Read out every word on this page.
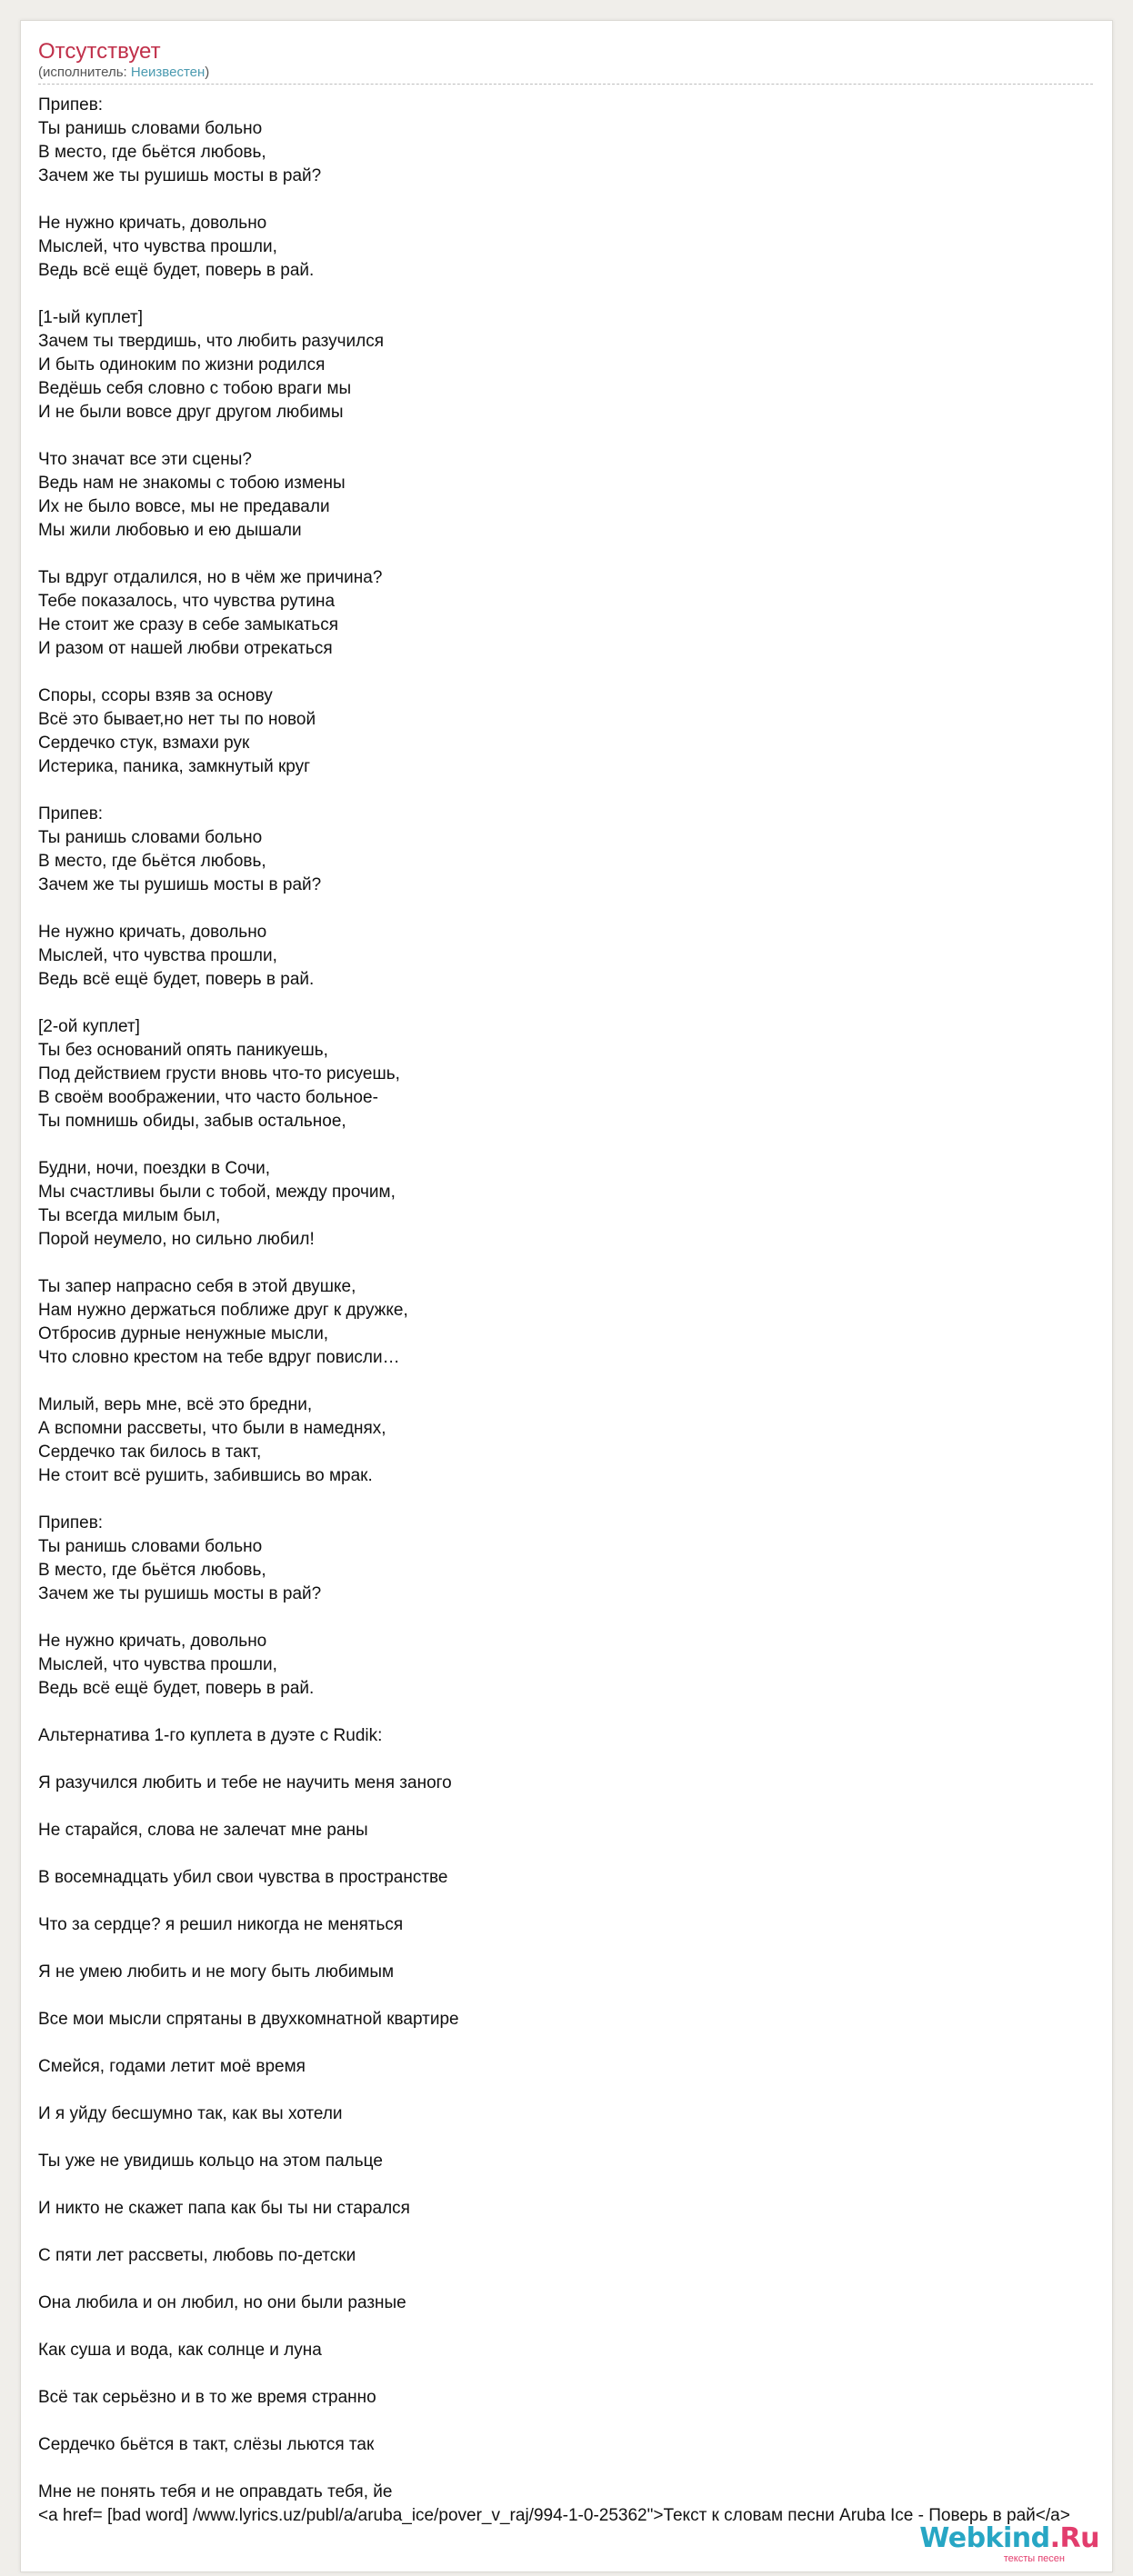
Отсутствует
(исполнитель: Неизвестен)
Припев:
Ты ранишь словами больно
В место, где бьётся любовь,
Зачем же ты рушишь мосты в рай?
Не нужно кричать, довольно
Мыслей, что чувства прошли,
Ведь всё ещё будет, поверь в рай.
[1-ый куплет]
Зачем ты твердишь, что любить разучился
И быть одиноким по жизни родился
Ведёшь себя словно с тобою враги мы
И не были вовсе друг другом любимы
Что значат все эти сцены?
Ведь нам не знакомы с тобою измены
Их не было вовсе, мы не предавали
Мы жили любовью и ею дышали
Ты вдруг отдалился, но в чём же причина?
Тебе показалось, что чувства рутина
Не стоит же сразу в себе замыкаться
И разом от нашей любви отрекаться
Споры, ссоры взяв за основу
Всё это бывает,но нет ты по новой
Сердечко стук, взмахи рук
Истерика, паника, замкнутый круг
Припев:
Ты ранишь словами больно
В место, где бьётся любовь,
Зачем же ты рушишь мосты в рай?
Не нужно кричать, довольно
Мыслей, что чувства прошли,
Ведь всё ещё будет, поверь в рай.
[2-ой куплет]
Ты без оснований опять паникуешь,
Под действием грусти вновь что-то рисуешь,
В своём воображении, что часто больное-
Ты помнишь обиды, забыв остальное,
Будни, ночи, поездки в Сочи,
Мы счастливы были с тобой, между прочим,
Ты всегда милым был,
Порой неумело, но сильно любил!
Ты запер напрасно себя в этой двушке,
Нам нужно держаться поближе друг к дружке,
Отбросив дурные ненужные мысли,
Что словно крестом на тебе вдруг повисли…
Милый, верь мне, всё это бредни,
А вспомни рассветы, что были в намеднях,
Сердечко так билось в такт,
Не стоит всё рушить, забившись во мрак.
Припев:
Ты ранишь словами больно
В место, где бьётся любовь,
Зачем же ты рушишь мосты в рай?
Не нужно кричать, довольно
Мыслей, что чувства прошли,
Ведь всё ещё будет, поверь в рай.
Альтернатива 1-го куплета в дуэте с Rudik:
Я разучился любить и тебе не научить меня заного
Не старайся, слова не залечат мне раны
В восемнадцать убил свои чувства в пространстве
Что за сердце? я решил никогда не меняться
Я не умею любить и не могу быть любимым
Все мои мысли спрятаны в двухкомнатной квартире
Смейся, годами летит моё время
И я уйду бесшумно так, как вы хотели
Ты уже не увидишь кольцо на этом пальце
И никто не скажет папа как бы ты ни старался
С пяти лет рассветы, любовь по-детски
Она любила и он любил, но они были разные
Как суша и вода, как солнце и луна
Всё так серьёзно и в то же время странно
Сердечко бьётся в такт, слёзы льются так
Мне не понять тебя и не оправдать тебя, йе
<a href= [bad word] /www.lyrics.uz/publ/a/aruba_ice/pover_v_raj/994-1-0-25362">Текст к словам песни Aruba Ice - Поверь в рай</a>
Webkind.Ru
тексты песен
